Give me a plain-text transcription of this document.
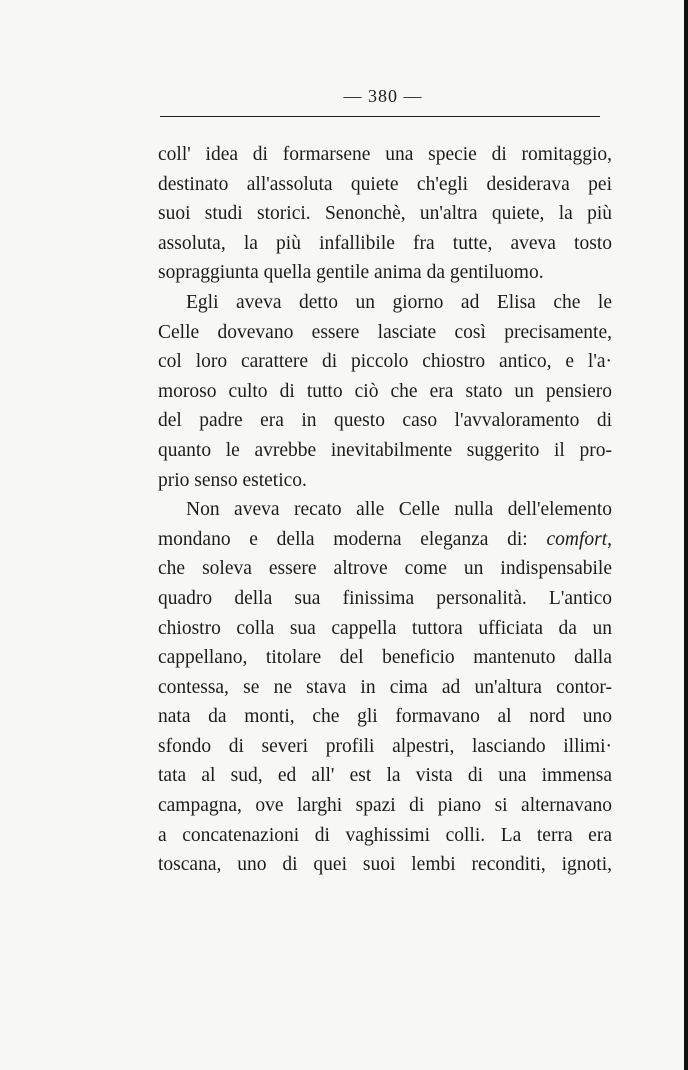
— 380 —
coll' idea di formarsene una specie di romitaggio,
destinato all'assoluta quiete ch'egli desiderava pei
suoi studi storici. Senonchè, un'altra quiete, la più
assoluta, la più infallibile fra tutte, aveva tosto
sopraggiunta quella gentile anima da gentiluomo.
Egli aveva detto un giorno ad Elisa che le
Celle dovevano essere lasciate così precisamente,
col loro carattere di piccolo chiostro antico, e l'a·
moroso culto di tutto ciò che era stato un pensiero
del padre era in questo caso l'avvaloramento di
quanto le avrebbe inevitabilmente suggerito il pro-
prio senso estetico.
Non aveva recato alle Celle nulla dell'elemento
mondano e della moderna eleganza di: comfort,
che soleva essere altrove come un indispensabile
quadro della sua finissima personalità. L'antico
chiostro colla sua cappella tuttora ufficiata da un
cappellano, titolare del beneficio mantenuto dalla
contessa, se ne stava in cima ad un'altura contor-
nata da monti, che gli formavano al nord uno
sfondo di severi profili alpestri, lasciando illimi·
tata al sud, ed all' est la vista di una immensa
campagna, ove larghi spazi di piano si alternavano
a concatenazioni di vaghissimi colli. La terra era
toscana, uno di quei suoi lembi reconditi, ignoti,
